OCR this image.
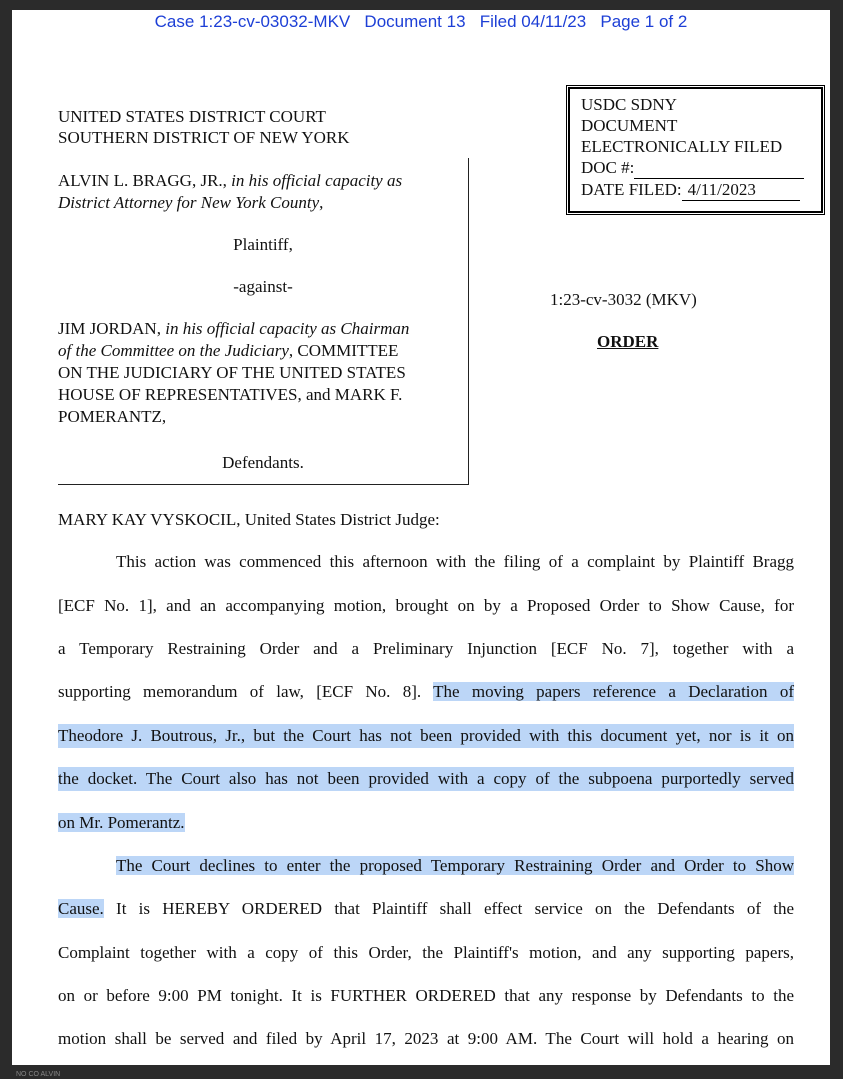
Case 1:23-cv-03032-MKV Document 13 Filed 04/11/23 Page 1 of 2
UNITED STATES DISTRICT COURT
SOUTHERN DISTRICT OF NEW YORK
USDC SDNY
DOCUMENT
ELECTRONICALLY FILED
DOC #:
DATE FILED: 4/11/2023
ALVIN L. BRAGG, JR., in his official capacity as
District Attorney for New York County,
Plaintiff,
-against-
JIM JORDAN, in his official capacity as Chairman
of the Committee on the Judiciary, COMMITTEE
ON THE JUDICIARY OF THE UNITED STATES
HOUSE OF REPRESENTATIVES, and MARK F.
POMERANTZ,
Defendants.
1:23-cv-3032 (MKV)
ORDER
MARY KAY VYSKOCIL, United States District Judge:
This action was commenced this afternoon with the filing of a complaint by Plaintiff Bragg
[ECF No. 1], and an accompanying motion, brought on by a Proposed Order to Show Cause, for
a Temporary Restraining Order and a Preliminary Injunction [ECF No. 7], together with a
supporting memorandum of law, [ECF No. 8]. The moving papers reference a Declaration of
Theodore J. Boutrous, Jr., but the Court has not been provided with this document yet, nor is it on
the docket. The Court also has not been provided with a copy of the subpoena purportedly served
on Mr. Pomerantz.
The Court declines to enter the proposed Temporary Restraining Order and Order to Show
Cause. It is HEREBY ORDERED that Plaintiff shall effect service on the Defendants of the
Complaint together with a copy of this Order, the Plaintiff's motion, and any supporting papers,
on or before 9:00 PM tonight. It is FURTHER ORDERED that any response by Defendants to the
motion shall be served and filed by April 17, 2023 at 9:00 AM. The Court will hold a hearing on
NO CO ALVIN
